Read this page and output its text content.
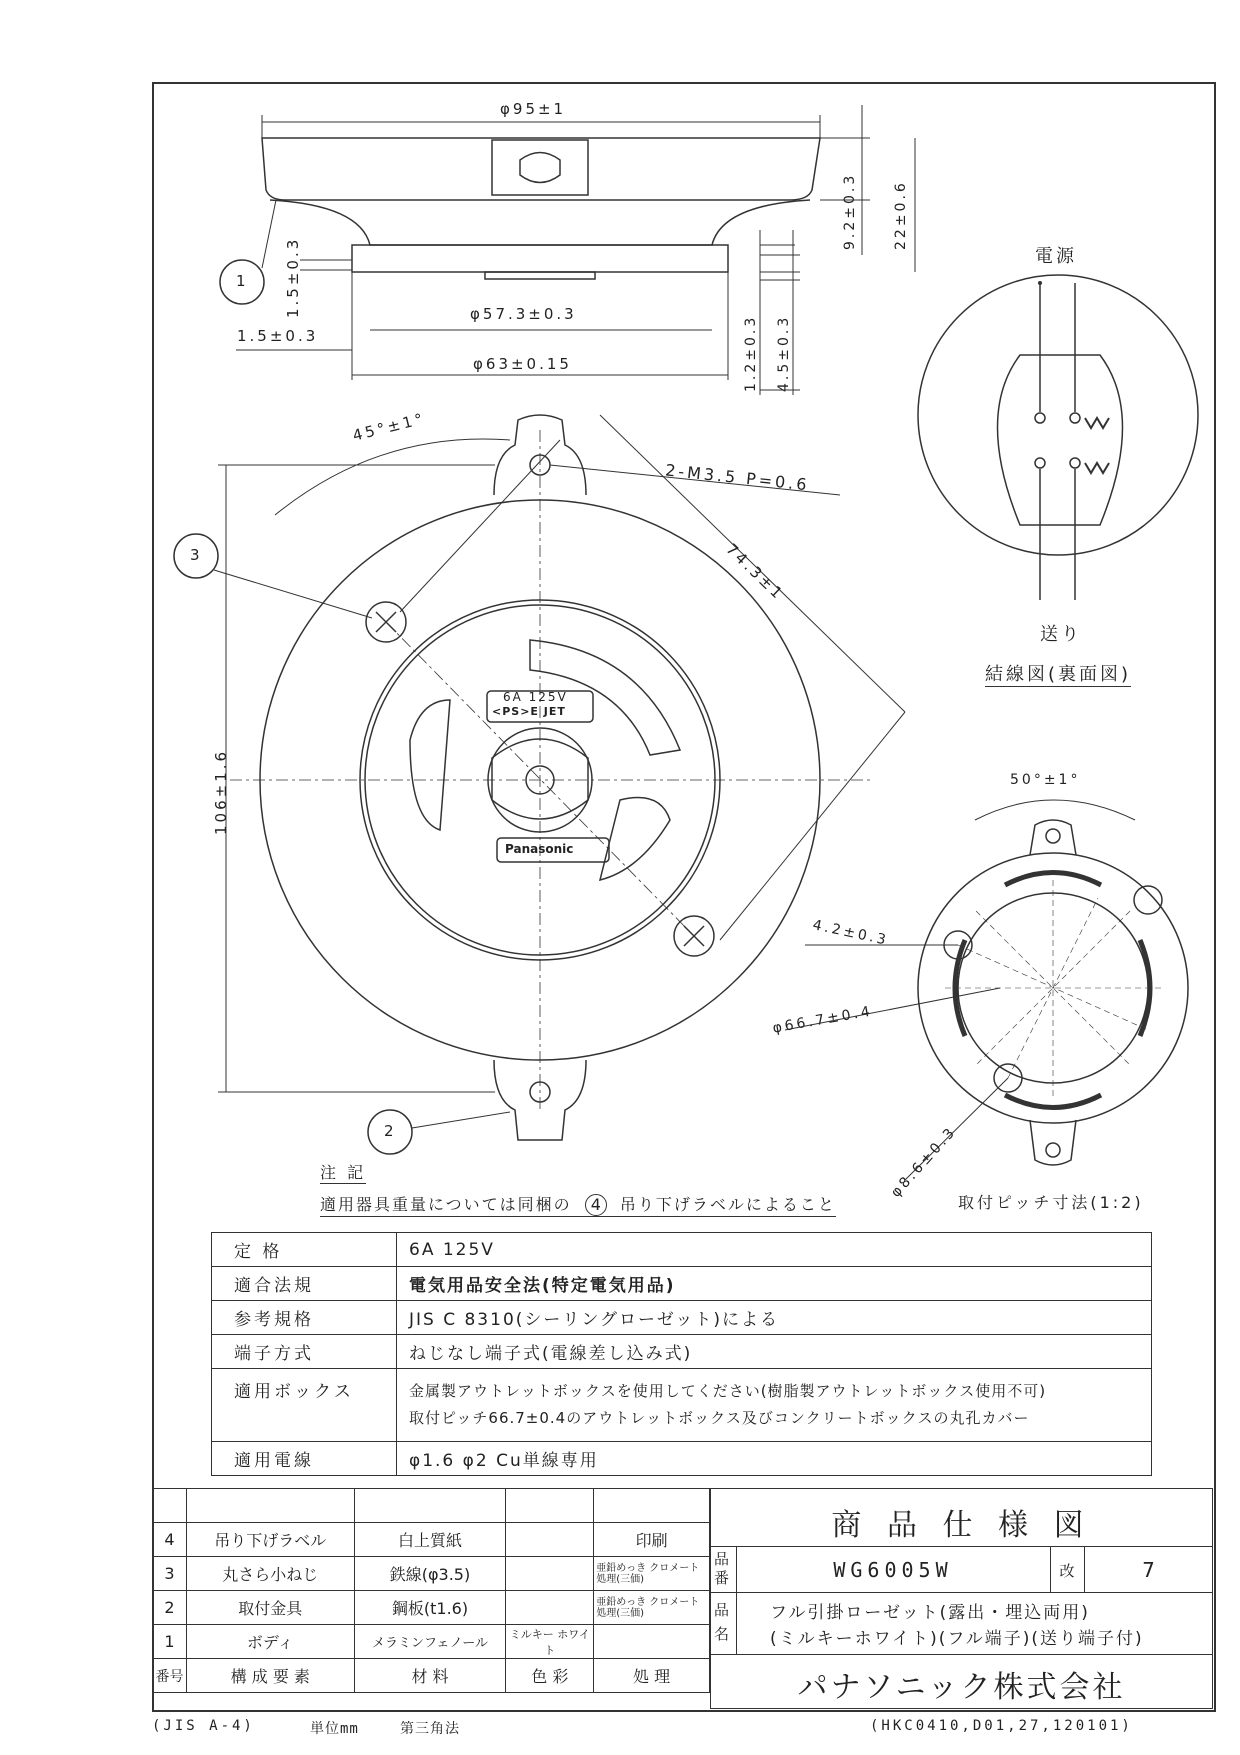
φ95±1
φ57.3±0.3
φ63±0.15
1.5±0.3
1.5±0.3
9.2±0.3	22±0.6
1.2±0.3 4.5±0.3
45°±1°
2-M3.5 P=0.6
74.3±1
106±1.6	50°±1°
4.2±0.3
φ66.7±0.4
φ8.6±0.3
1
2
3
6A 125V
<PS>E JET
Panasonic
電源
送り
結線図(裏面図)
取付ピッチ寸法(1:2)
注 記
適用器具重量については同梱の 4 吊り下げラベルによること
定 格	6A 125V
適合法規	電気用品安全法(特定電気用品)
参考規格	JIS C 8310(シーリングローゼット)による
端子方式	ねじなし端子式(電線差し込み式)
適用ボックス	金属製アウトレットボックスを使用してください(樹脂製アウトレットボックス使用不可)
取付ピッチ66.7±0.4のアウトレットボックス及びコンクリートボックスの丸孔カバー

適用電線	φ1.6 φ2 Cu単線専用

4	吊り下げラベル	白上質紙		印刷
3	丸さら小ねじ	鉄線(φ3.5)		亜鉛めっき クロメート処理(三価)
2	取付金具	鋼板(t1.6)		亜鉛めっき クロメート処理(三価)
1	ボディ	メラミンフェノール	ミルキー ホワイト	
番号	構 成 要 素	材 料	色 彩	処 理
商 品 仕 様 図
品番	WG6005W	改	7
品名
フル引掛ローゼット(露出・埋込両用)
(ミルキーホワイト)(フル端子)(送り端子付)
パナソニック株式会社
(JIS A-4)	単位mm	第三角法	(HKC0410,D01,27,120101)
